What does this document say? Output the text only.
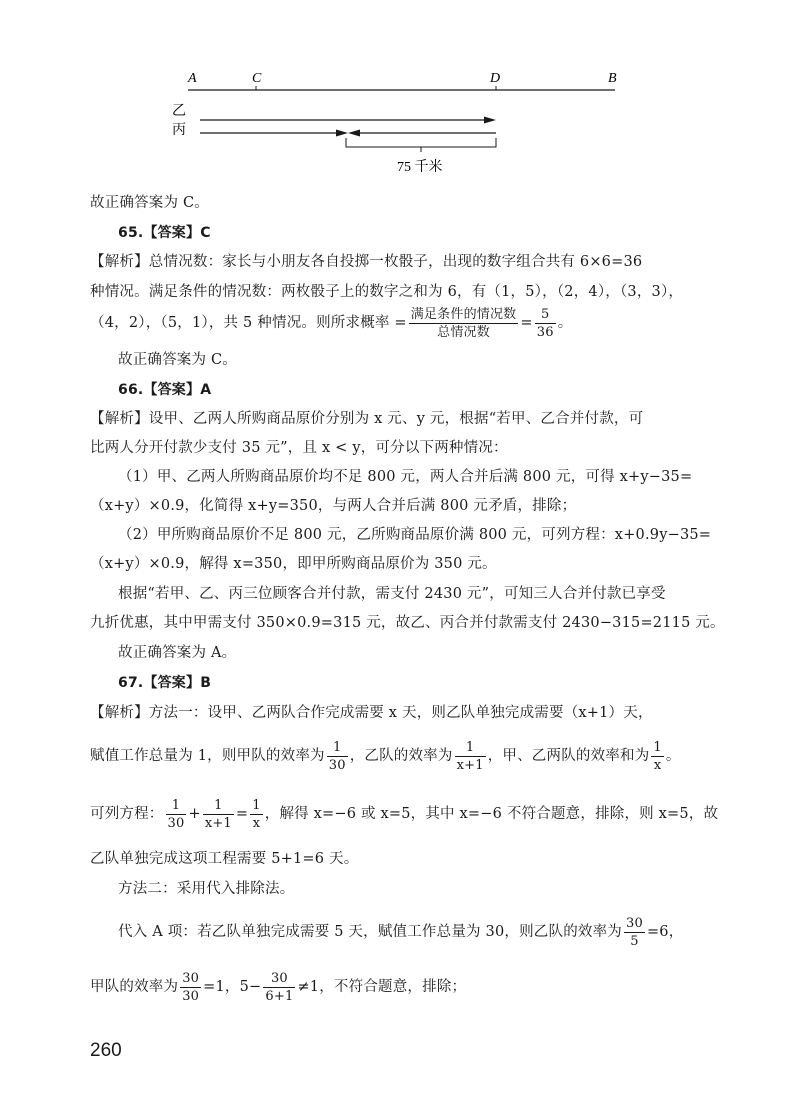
A	C	D	B
乙
丙
75 千米
故正确答案为 C。
65.【答案】C
【解析】总情况数：家长与小朋友各自投掷一枚骰子，出现的数字组合共有 6×6=36
种情况。满足条件的情况数：两枚骰子上的数字之和为 6，有（1，5），（2，4），（3，3），
（4，2），（5，1），共 5 种情况。则所求概率 = $\frac{\text{满足条件的情况数}}{\text{总情况数}} = \frac{5}{36}$ 。
故正确答案为 C。
66.【答案】A
【解析】设甲、乙两人所购商品原价分别为 x 元、y 元，根据“若甲、乙合并付款，可
比两人分开付款少支付 35 元”，且 x < y，可分以下两种情况：
（1）甲、乙两人所购商品原价均不足 800 元，两人合并后满 800 元，可得 x+y−35=
（x+y）×0.9，化简得 x+y=350，与两人合并后满 800 元矛盾，排除；
（2）甲所购商品原价不足 800 元，乙所购商品原价满 800 元，可列方程：x+0.9y−35=
（x+y）×0.9，解得 x=350，即甲所购商品原价为 350 元。
根据“若甲、乙、丙三位顾客合并付款，需支付 2430 元”，可知三人合并付款已享受
九折优惠，其中甲需支付 350×0.9=315 元，故乙、丙合并付款需支付 2430−315=2115 元。
故正确答案为 A。
67.【答案】B
【解析】方法一：设甲、乙两队合作完成需要 x 天，则乙队单独完成需要（x+1）天，
赋值工作总量为 1，则甲队的效率为 $\frac{1}{30}$ ，乙队的效率为 $\frac{1}{x+1}$ ，甲、乙两队的效率和为 $\frac{1}{x}$ 。
可列方程： $\frac{1}{30} + \frac{1}{x+1} = \frac{1}{x}$ ，解得 x=−6 或 x=5，其中 x=−6 不符合题意，排除，则 x=5，故
乙队单独完成这项工程需要 5+1=6 天。
方法二：采用代入排除法。
代入 A 项：若乙队单独完成需要 5 天，赋值工作总量为 30，则乙队的效率为 $\frac{30}{5} =6$，
甲队的效率为 $\frac{30}{30} =1$，$5- \frac{30}{6+1} \ne 1$，不符合题意，排除；
260
